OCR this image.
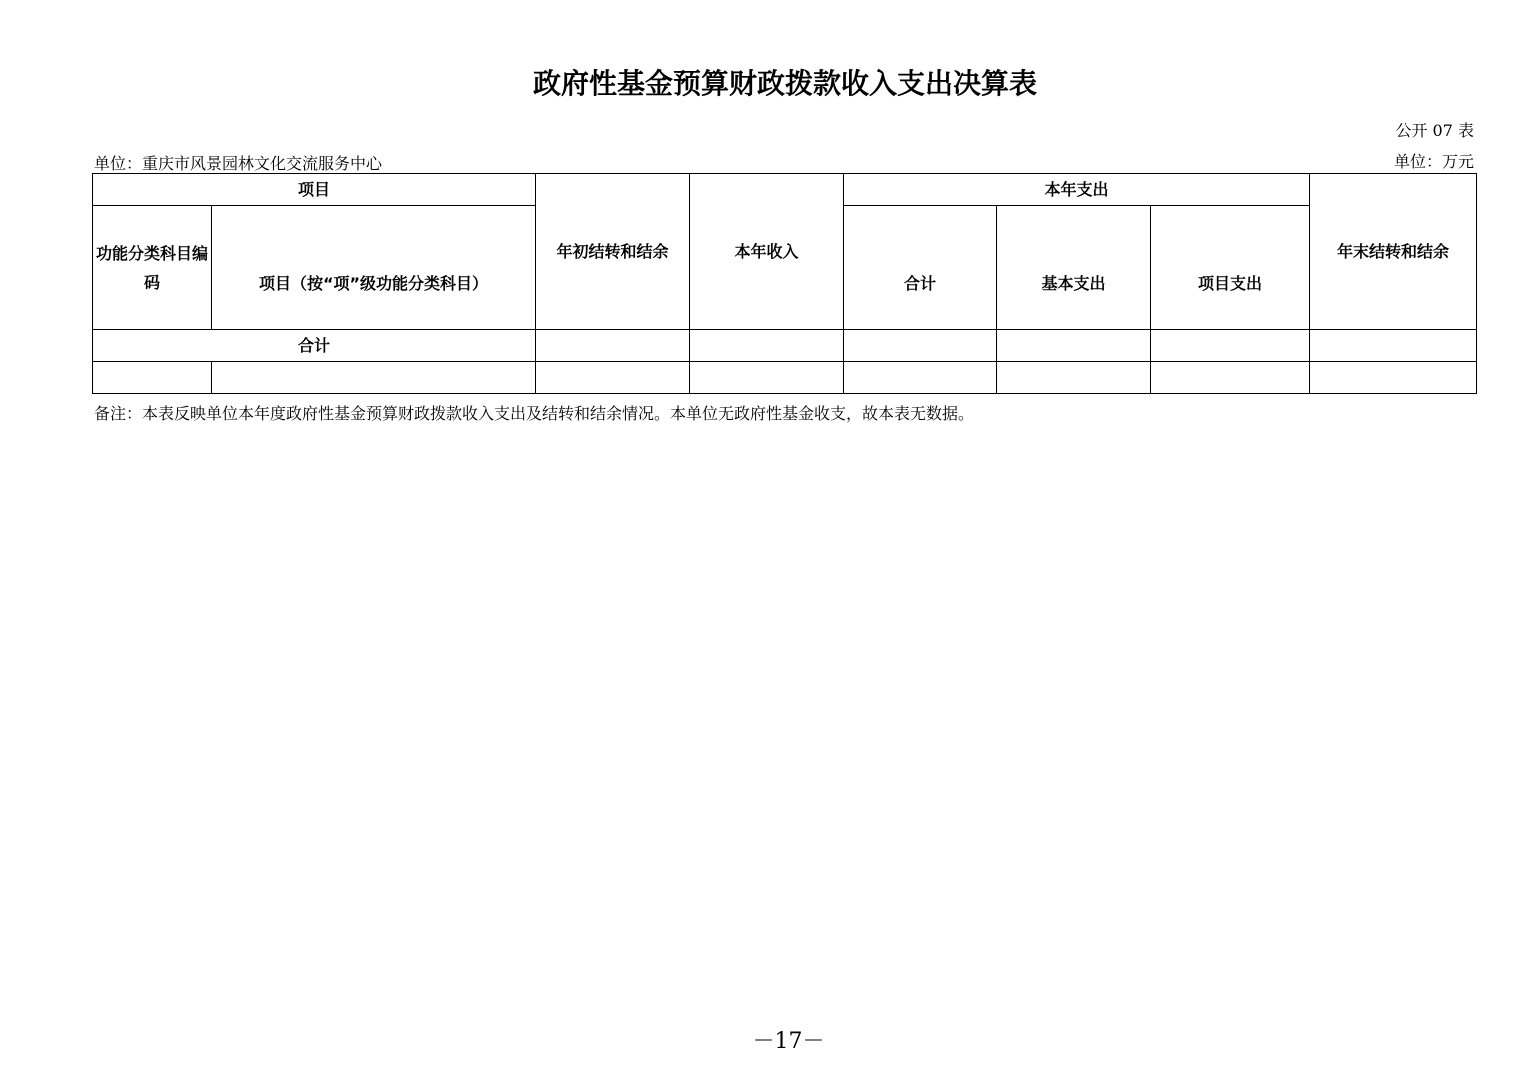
政府性基金预算财政拨款收入支出决算表
公开 07 表
单位：重庆市风景园林文化交流服务中心	单位：万元
项目		年初结转和结余	本年收入	本年支出			年末结转和结余
功能分类科目编码	项目（按“项”级功能分类科目）			合计	基本支出	项目支出	
合计							

备注：本表反映单位本年度政府性基金预算财政拨款收入支出及结转和结余情况。本单位无政府性基金收支，故本表无数据。
－17－
